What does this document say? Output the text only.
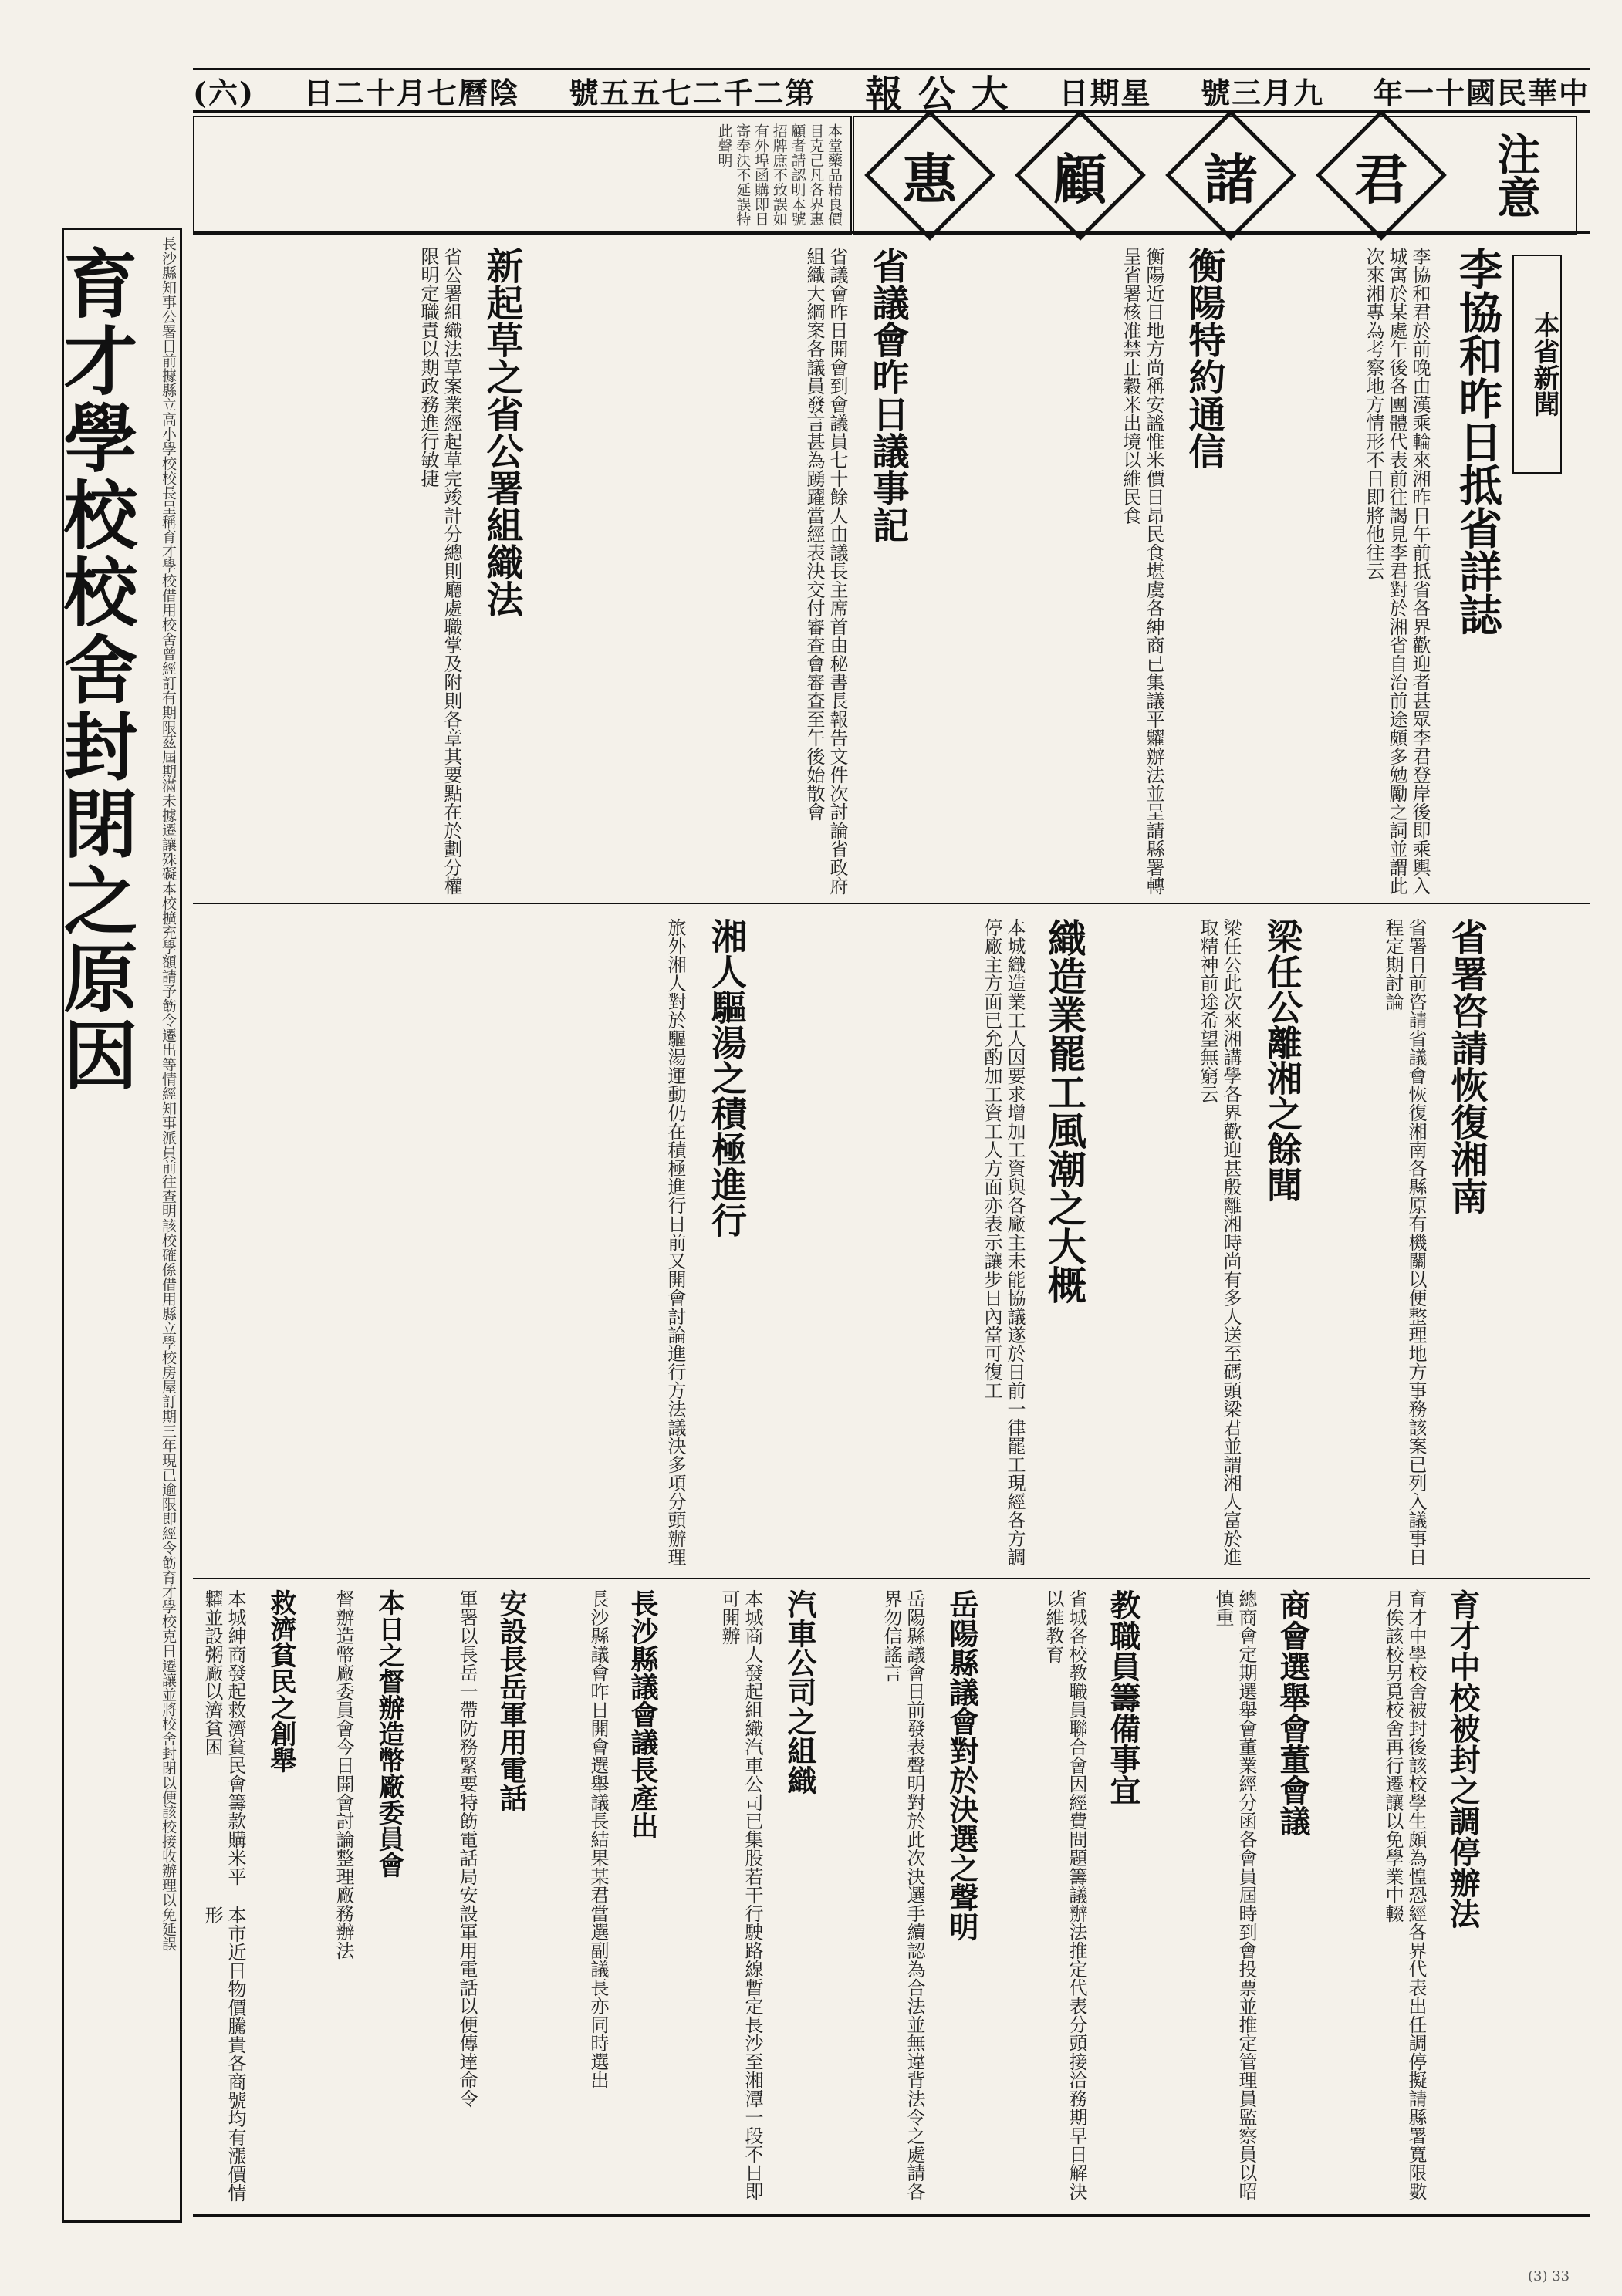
(六) 日二十月七曆陰 號五五七二千二第 報 公 大 日期星 號三月九 年一十國民華中
惠 顧 諸 君 注意
本堂藥品精良價目克己凡各界惠顧者請認明本號招牌庶不致誤如有外埠函購即日寄奉決不延誤特此聲明
長沙縣知事公署日前據縣立高小學校校長呈稱育才學校借用校舍曾經訂有期限茲屆期滿未據遷讓殊礙本校擴充學額請予飭令遷出等情經知事派員前往查明該校確係借用縣立學校房屋訂期三年現已逾限即經令飭育才學校克日遷讓並將校舍封閉以便該校接收辦理以免延誤
育才學校校舍封閉之原因	本省新聞
李協和昨日抵省詳誌
李協和君於前晚由漢乘輪來湘昨日午前抵省各界歡迎者甚眾李君登岸後即乘輿入城寓於某處午後各團體代表前往謁見李君對於湘省自治前途頗多勉勵之詞並謂此次來湘專為考察地方情形不日即將他往云
衡陽特約通信
衡陽近日地方尚稱安謐惟米價日昂民食堪虞各紳商已集議平糶辦法並呈請縣署轉呈省署核准禁止穀米出境以維民食
省議會昨日議事記
省議會昨日開會到會議員七十餘人由議長主席首由秘書長報告文件次討論省政府組織大綱案各議員發言甚為踴躍當經表決交付審查會審查至午後始散會
新起草之省公署組織法
省公署組織法草案業經起草完竣計分總則廳處職掌及附則各章其要點在於劃分權限明定職責以期政務進行敏捷
省署咨請恢復湘南
省署日前咨請省議會恢復湘南各縣原有機關以便整理地方事務該案已列入議事日程定期討論
梁任公離湘之餘聞
梁任公此次來湘講學各界歡迎甚殷離湘時尚有多人送至碼頭梁君並謂湘人富於進取精神前途希望無窮云
織造業罷工風潮之大概
本城織造業工人因要求增加工資與各廠主未能協議遂於日前一律罷工現經各方調停廠主方面已允酌加工資工人方面亦表示讓步日內當可復工
湘人驅湯之積極進行
旅外湘人對於驅湯運動仍在積極進行日前又開會討論進行方法議決多項分頭辦理
育才中校被封之調停辦法
育才中學校舍被封後該校學生頗為惶恐經各界代表出任調停擬請縣署寬限數月俟該校另覓校舍再行遷讓以免學業中輟
商會選舉會董會議
總商會定期選舉會董業經分函各會員屆時到會投票並推定管理員監察員以昭慎重
教職員籌備事宜
省城各校教職員聯合會因經費問題籌議辦法推定代表分頭接洽務期早日解決以維教育
岳陽縣議會對於決選之聲明
岳陽縣議會日前發表聲明對於此次決選手續認為合法並無違背法令之處請各界勿信謠言
汽車公司之組織
本城商人發起組織汽車公司已集股若干行駛路線暫定長沙至湘潭一段不日即可開辦
長沙縣議會議長產出
長沙縣議會昨日開會選舉議長結果某君當選副議長亦同時選出
安設長岳軍用電話
軍署以長岳一帶防務緊要特飭電話局安設軍用電話以便傳達命令
本日之督辦造幣廠委員會
督辦造幣廠委員會今日開會討論整理廠務辦法
救濟貧民之創舉
本城紳商發起救濟貧民會籌款購米平糶並設粥廠以濟貧困
本市近日物價騰貴各商號均有漲價情形
(3) 33
